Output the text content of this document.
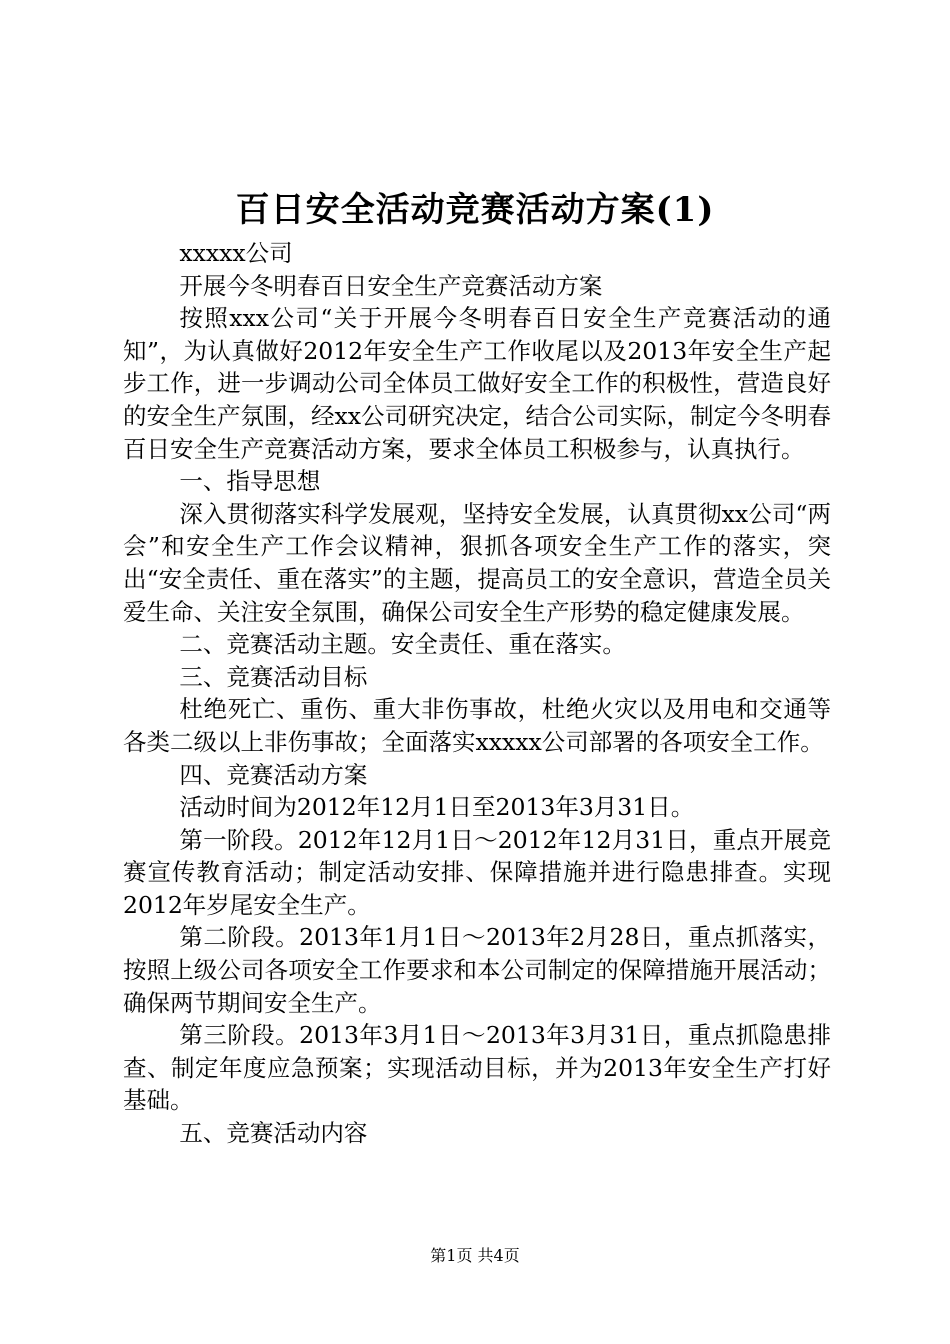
百日安全活动竞赛活动方案(1)

xxxxx公司

开展今冬明春百日安全生产竞赛活动方案

按照xxx公司“关于开展今冬明春百日安全生产竞赛活动的通知”，为认真做好2012年安全生产工作收尾以及2013年安全生产起步工作，进一步调动公司全体员工做好安全工作的积极性，营造良好的安全生产氛围，经xx公司研究决定，结合公司实际，制定今冬明春百日安全生产竞赛活动方案，要求全体员工积极参与，认真执行。

一、指导思想

深入贯彻落实科学发展观，坚持安全发展，认真贯彻xx公司“两会”和安全生产工作会议精神，狠抓各项安全生产工作的落实，突出“安全责任、重在落实”的主题，提高员工的安全意识，营造全员关爱生命、关注安全氛围，确保公司安全生产形势的稳定健康发展。

二、竞赛活动主题。安全责任、重在落实。

三、竞赛活动目标

杜绝死亡、重伤、重大非伤事故，杜绝火灾以及用电和交通等各类二级以上非伤事故；全面落实xxxxx公司部署的各项安全工作。

四、竞赛活动方案

活动时间为2012年12月1日至2013年3月31日。

第一阶段。2012年12月1日～2012年12月31日，重点开展竞赛宣传教育活动；制定活动安排、保障措施并进行隐患排查。实现2012年岁尾安全生产。

第二阶段。2013年1月1日～2013年2月28日，重点抓落实，按照上级公司各项安全工作要求和本公司制定的保障措施开展活动；确保两节期间安全生产。

第三阶段。2013年3月1日～2013年3月31日，重点抓隐患排查、制定年度应急预案；实现活动目标，并为2013年安全生产打好基础。

五、竞赛活动内容

第1页 共4页
